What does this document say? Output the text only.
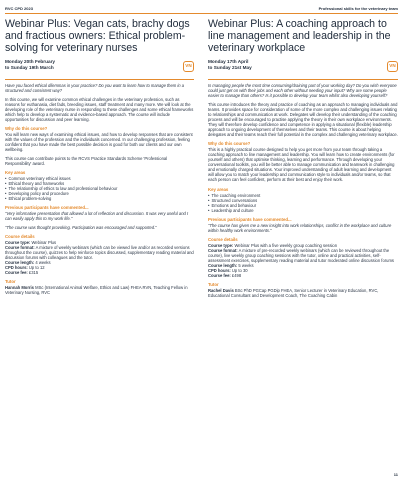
RVC CPD 2023	Professional skills for the veterinary team
Webinar Plus: Vegan cats, brachy dogs and fractious owners: Ethical problem-solving for veterinary nurses
Monday 20th February
to Sunday 19th March	VN

Have you faced ethical dilemmas in your practice? Do you want to learn how to manage them in a structured and consistent way?

In this course, we will examine common ethical challenges in the veterinary profession, such as reasons for euthanasia, diet fads, breeding issues, staff treatment and many more. We will look at the developing role of the veterinary nurse in responding to these challenges and some ethical frameworks which help to develop a systematic and evidence-based approach. The course will include opportunities for discussion and peer learning.

Why do this course?

You will learn new ways of examining ethical issues, and how to develop responses that are consistent with the values of the profession and the individuals concerned. In our challenging profession, feeling confident that you have made the best possible decision is good for both our clients and our own wellbeing.

This course can contribute points to the RCVS Practice Standards Scheme 'Professional Responsibility' award.

Key areas
• Common veterinary ethical issues
• Ethical theory and frameworks
• The relationship of ethics to law and professional behaviour
• Developing policy and procedure
• Ethical problem-solving
Previous participants have commented...

"Very informative presentation that allowed a lot of reflection and discussion. It was very useful and I can easily apply this to my work life."

"The course was thought provoking. Participation was encouraged and supported."

Course details
Course type: Webinar Plus
Course format: A mixture of weekly webinars (which can be viewed live and/or as recorded versions throughout the course), quizzes to help reinforce topics discussed, supplementary reading material and discussion forums with colleagues and the tutor.
Course length: 4 weeks
CPD hours: Up to 12
Course fee: £315
Tutor
Hannah Morris MSc (International Animal Welfare, Ethics and Law) FHEA RVN, Teaching Fellow in Veterinary Nursing, RVC
Webinar Plus: A coaching approach to line management and leadership in the veterinary workplace
Monday 17th April
to Sunday 21st May	VN

Is managing people the most time consuming/draining part of your working day? Do you wish everyone could just get on with their jobs and each other without needing your input? Why are some people easier to manage than others? Is it possible to develop your team whilst also developing yourself?

This course introduces the theory and practice of coaching as an approach to managing individuals and teams. It provides space for consideration of some of the more complex and challenging issues relating to relationships and communication at work. Delegates will develop their understanding of the coaching process and will be encouraged to practise applying the theory in their own workplace environments. They will therefore develop confidence and competence in applying a situational (flexible) leadership approach to ongoing development of themselves and their teams. This course is about helping delegates and their teams reach their full potential in the complex and challenging veterinary workplace.

Why do this course?

This is a highly practical course designed to help you get more from your team through taking a coaching approach to line management and leadership. You will learn how to create environments (for yourself and others) that optimise thinking, learning and performance. Through developing your conversational toolkits, you will be better able to manage communication and teamwork in challenging and emotionally charged situations. Your improved understanding of adult learning and development will allow you to match your leadership and communication style to individuals and/or teams, so that each person can feel confident, perform at their best and enjoy their work.

Key areas
• The coaching environment
• Structured conversations
• Emotions and behaviour
• Leadership and culture
Previous participants have commented...

"The course has given me a new insight into work relationships, conflict in the workplace and culture within healthy work environments."

Course details
Course type: Webinar Plus with a five weekly group coaching session
Course format: A mixture of pre-recorded weekly webinars (which can be reviewed throughout the course), live weekly group coaching sessions with the tutor, online and practical activities, self-assessment exercises, supplementary reading material and tutor moderated online discussion forums
Course length: 5 weeks
CPD hours: Up to 30
Course fee: £498
Tutor
Rachel Davis BSc PhD PGCap PGDip FHEA, Senior Lecturer in Veterinary Education, RVC, Educational Consultant and Development Coach, The Coaching Cabin
11
